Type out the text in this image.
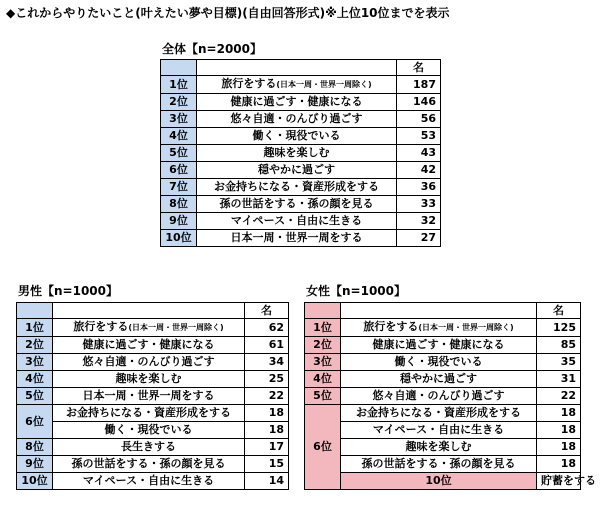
◆これからやりたいこと(叶えたい夢や目標)(自由回答形式)※上位10位までを表示
全体【n=2000】
		名
1位	旅行をする(日本一周・世界一周除く)	187
2位	健康に過ごす・健康になる	146
3位	悠々自適・のんびり過ごす	56
4位	働く・現役でいる	53
5位	趣味を楽しむ	43
6位	穏やかに過ごす	42
7位	お金持ちになる・資産形成をする	36
8位	孫の世話をする・孫の顔を見る	33
9位	マイペース・自由に生きる	32
10位	日本一周・世界一周をする	27
男性【n=1000】
		名
1位	旅行をする(日本一周・世界一周除く)	62
2位	健康に過ごす・健康になる	61
3位	悠々自適・のんびり過ごす	34
4位	趣味を楽しむ	25
5位	日本一周・世界一周をする	22
6位	お金持ちになる・資産形成をする	18
	働く・現役でいる	18
8位	長生きする	17
9位	孫の世話をする・孫の顔を見る	15
10位	マイペース・自由に生きる	14
女性【n=1000】
		名	
1位	旅行をする(日本一周・世界一周除く)	125	
2位	健康に過ごす・健康になる	85	
3位	働く・現役でいる	35	
4位	穏やかに過ごす	31	
5位	悠々自適・のんびり過ごす	22	
6位	お金持ちになる・資産形成をする	18	
	マイペース・自由に生きる	18	
	趣味を楽しむ	18	
	孫の世話をする・孫の顔を見る	18	
	10位	貯蓄をする	
